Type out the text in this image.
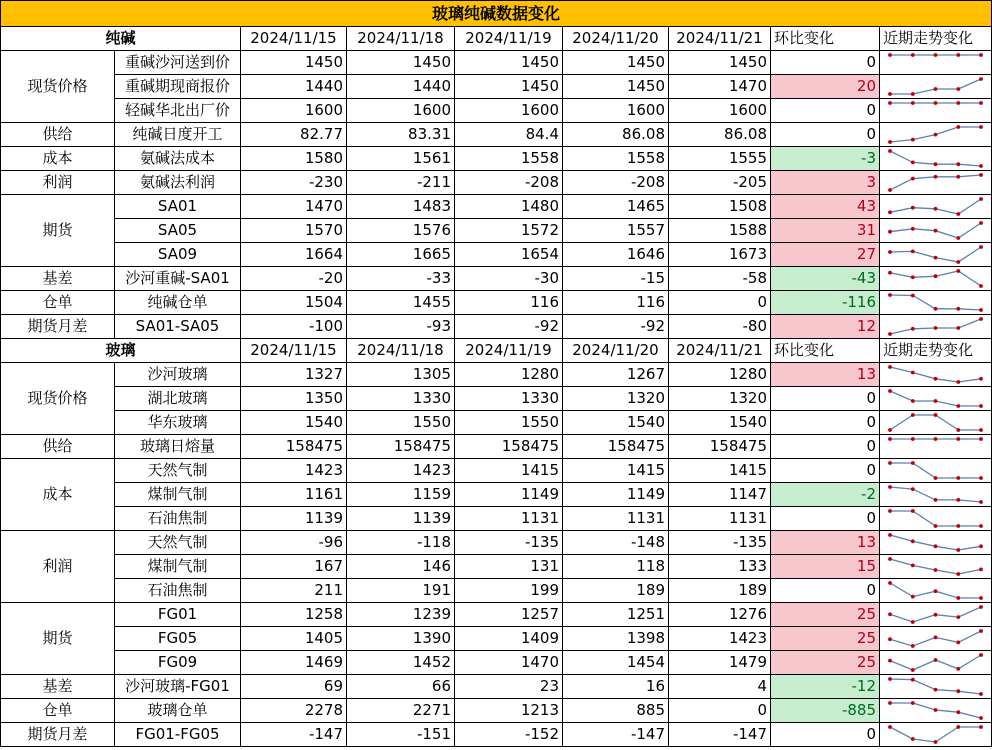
玻璃纯碱数据变化
纯碱	2024/11/15	2024/11/18	2024/11/19	2024/11/20	2024/11/21 环比变化	近期走势变化
现货价格
重碱沙河送到价	1450	1450	1450	1450	1450	0
重碱期现商报价	1440	1440	1450	1450	1470	20
轻碱华北出厂价	1600	1600	1600	1600	1600	0
供给	纯碱日度开工	82.77	83.31	84.4	86.08	86.08	0
成本	氨碱法成本	1580	1561	1558	1558	1555	-3
利润	氨碱法利润	-230	-211	-208	-208	-205	3
期货
SA01	1470	1483	1480	1465	1508	43
SA05	1570	1576	1572	1557	1588	31
SA09	1664	1665	1654	1646	1673	27
基差	沙河重碱-SA01	-20	-33	-30	-15	-58	-43
仓单	纯碱仓单	1504	1455	116	116	0	-116
期货月差	SA01-SA05	-100	-93	-92	-92	-80	12
玻璃	2024/11/15	2024/11/18	2024/11/19	2024/11/20	2024/11/21 环比变化	近期走势变化
现货价格
沙河玻璃	1327	1305	1280	1267	1280	13
湖北玻璃	1350	1330	1330	1320	1320	0
华东玻璃	1540	1550	1550	1540	1540	0
供给	玻璃日熔量	158475	158475	158475	158475	158475	0
成本
天然气制	1423	1423	1415	1415	1415	0
煤制气制	1161	1159	1149	1149	1147	-2
石油焦制	1139	1139	1131	1131	1131	0
利润
天然气制	-96	-118	-135	-148	-135	13
煤制气制	167	146	131	118	133	15
石油焦制	211	191	199	189	189	0
期货
FG01	1258	1239	1257	1251	1276	25
FG05	1405	1390	1409	1398	1423	25
FG09	1469	1452	1470	1454	1479	25
基差	沙河玻璃-FG01	69	66	23	16	4	-12
仓单	玻璃仓单	2278	2271	1213	885	0	-885
期货月差	FG01-FG05	-147	-151	-152	-147	-147	0
